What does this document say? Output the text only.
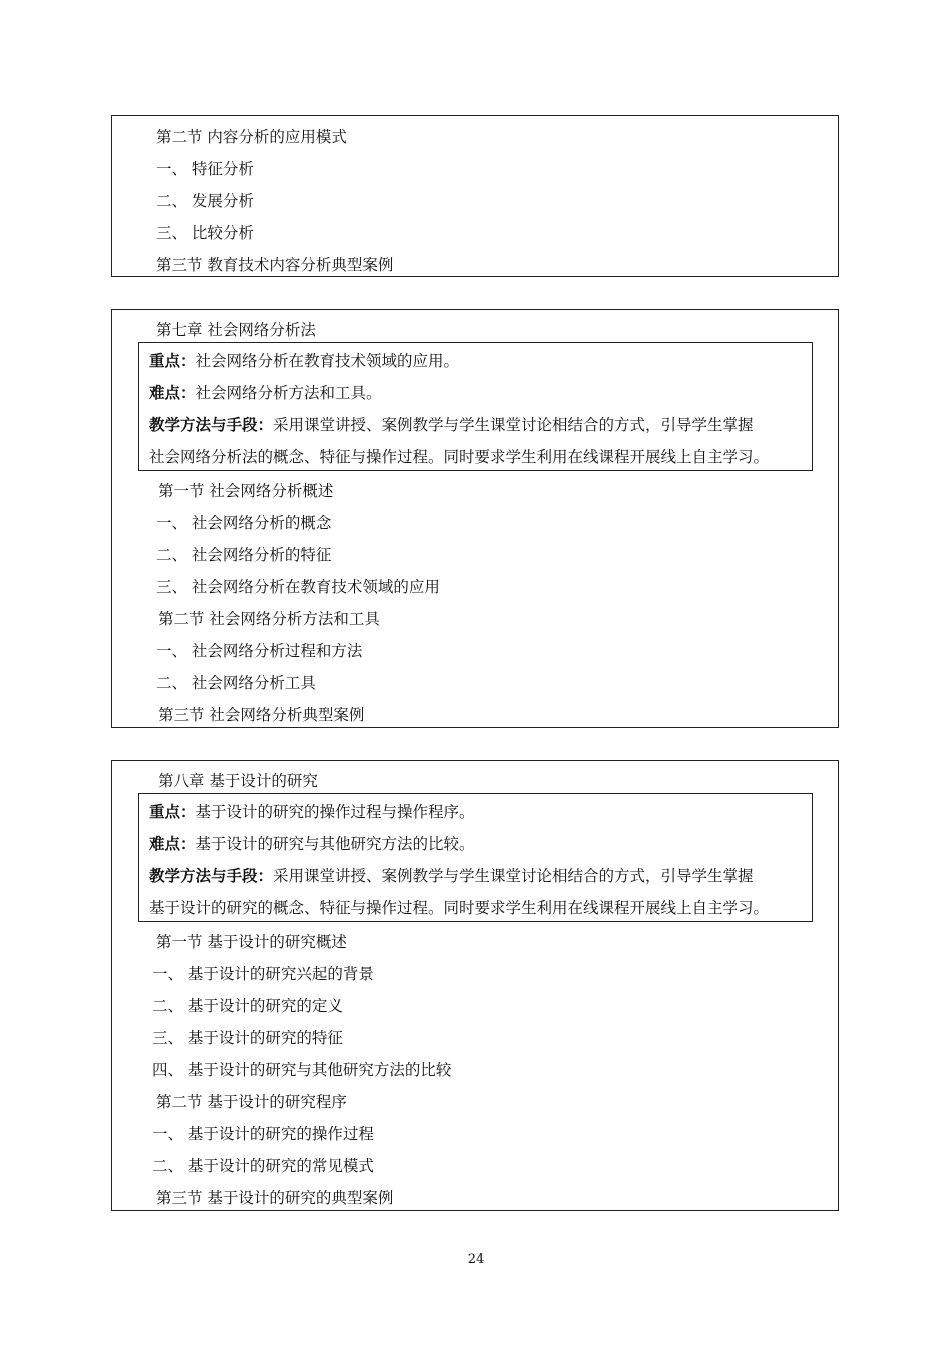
第二节 内容分析的应用模式
一、 特征分析
二、 发展分析
三、 比较分析
第三节 教育技术内容分析典型案例
第七章 社会网络分析法
重点：社会网络分析在教育技术领域的应用。
难点：社会网络分析方法和工具。
教学方法与手段：采用课堂讲授、案例教学与学生课堂讨论相结合的方式，引导学生掌握
社会网络分析法的概念、特征与操作过程。同时要求学生利用在线课程开展线上自主学习。
第一节 社会网络分析概述
一、 社会网络分析的概念
二、 社会网络分析的特征
三、 社会网络分析在教育技术领域的应用
第二节 社会网络分析方法和工具
一、 社会网络分析过程和方法
二、 社会网络分析工具
第三节 社会网络分析典型案例
第八章 基于设计的研究
重点：基于设计的研究的操作过程与操作程序。
难点：基于设计的研究与其他研究方法的比较。
教学方法与手段：采用课堂讲授、案例教学与学生课堂讨论相结合的方式，引导学生掌握
基于设计的研究的概念、特征与操作过程。同时要求学生利用在线课程开展线上自主学习。
第一节 基于设计的研究概述
一、 基于设计的研究兴起的背景
二、 基于设计的研究的定义
三、 基于设计的研究的特征
四、 基于设计的研究与其他研究方法的比较
第二节 基于设计的研究程序
一、 基于设计的研究的操作过程
二、 基于设计的研究的常见模式
第三节 基于设计的研究的典型案例
24
